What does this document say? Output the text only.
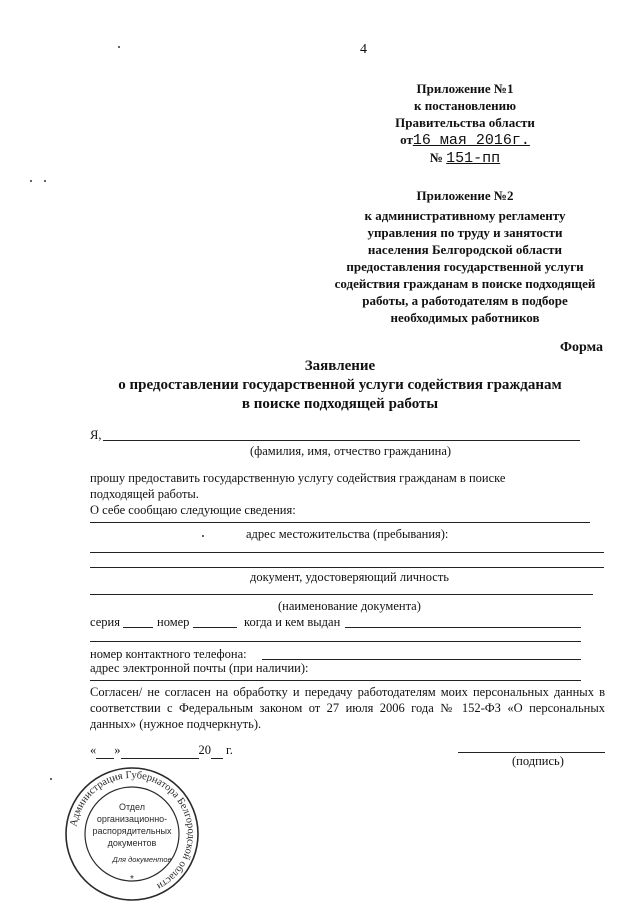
4
Приложение №1
к постановлению
Правительства области
от16 мая 2016г.
№ 151-пп
Приложение №2
к административному регламенту
управления по труду и занятости
населения Белгородской области
предоставления государственной услуги
содействия гражданам в поиске подходящей
работы, а работодателям в подборе
необходимых работников
Форма
Заявление
о предоставлении государственной услуги содействия гражданам
в поиске подходящей работы
Я,
(фамилия, имя, отчество гражданина)
прошу предоставить государственную услугу содействия гражданам в поиске
подходящей работы.
О себе сообщаю следующие сведения:
адрес местожительства (пребывания):
документ, удостоверяющий личность
(наименование документа)
серия	номер	когда и кем выдан
номер контактного телефона:
адрес электронной почты (при наличии):
Согласен/ не согласен на обработку и передачу работодателям моих персональных данных в соответствии с Федеральным законом от 27 июля 2006 года № 152-ФЗ «О персональных данных» (нужное подчеркнуть).
« »	20 г.
(подпись)
Администрация Губернатора Белгородской области
Отдел
организационно-
распорядительных
документов
Для документов
*
